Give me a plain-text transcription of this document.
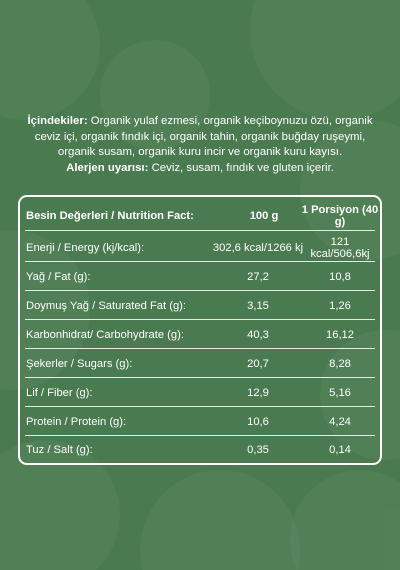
İçindekiler: Organik yulaf ezmesi, organik keçiboynuzu özü, organik ceviz içi, organik fındık içi, organik tahin, organik buğday ruşeymi, organik susam, organik kuru incir ve organik kuru kayısı.

Alerjen uyarısı: Ceviz, susam, fındık ve gluten içerir.

Besin Değerleri / Nutrition Fact:	100 g	1 Porsiyon (40 g)
Enerji / Energy (kj/kcal):	302,6 kcal/1266 kj	121 kcal/506,6kj
Yağ / Fat (g):	27,2	10,8
Doymuş Yağ / Saturated Fat (g):	3,15	1,26
Karbonhidrat/ Carbohydrate (g):	40,3	16,12
Şekerler / Sugars (g):	20,7	8,28
Lif / Fiber (g):	12,9	5,16
Protein / Protein (g):	10,6	4,24
Tuz / Salt (g):	0,35	0,14
